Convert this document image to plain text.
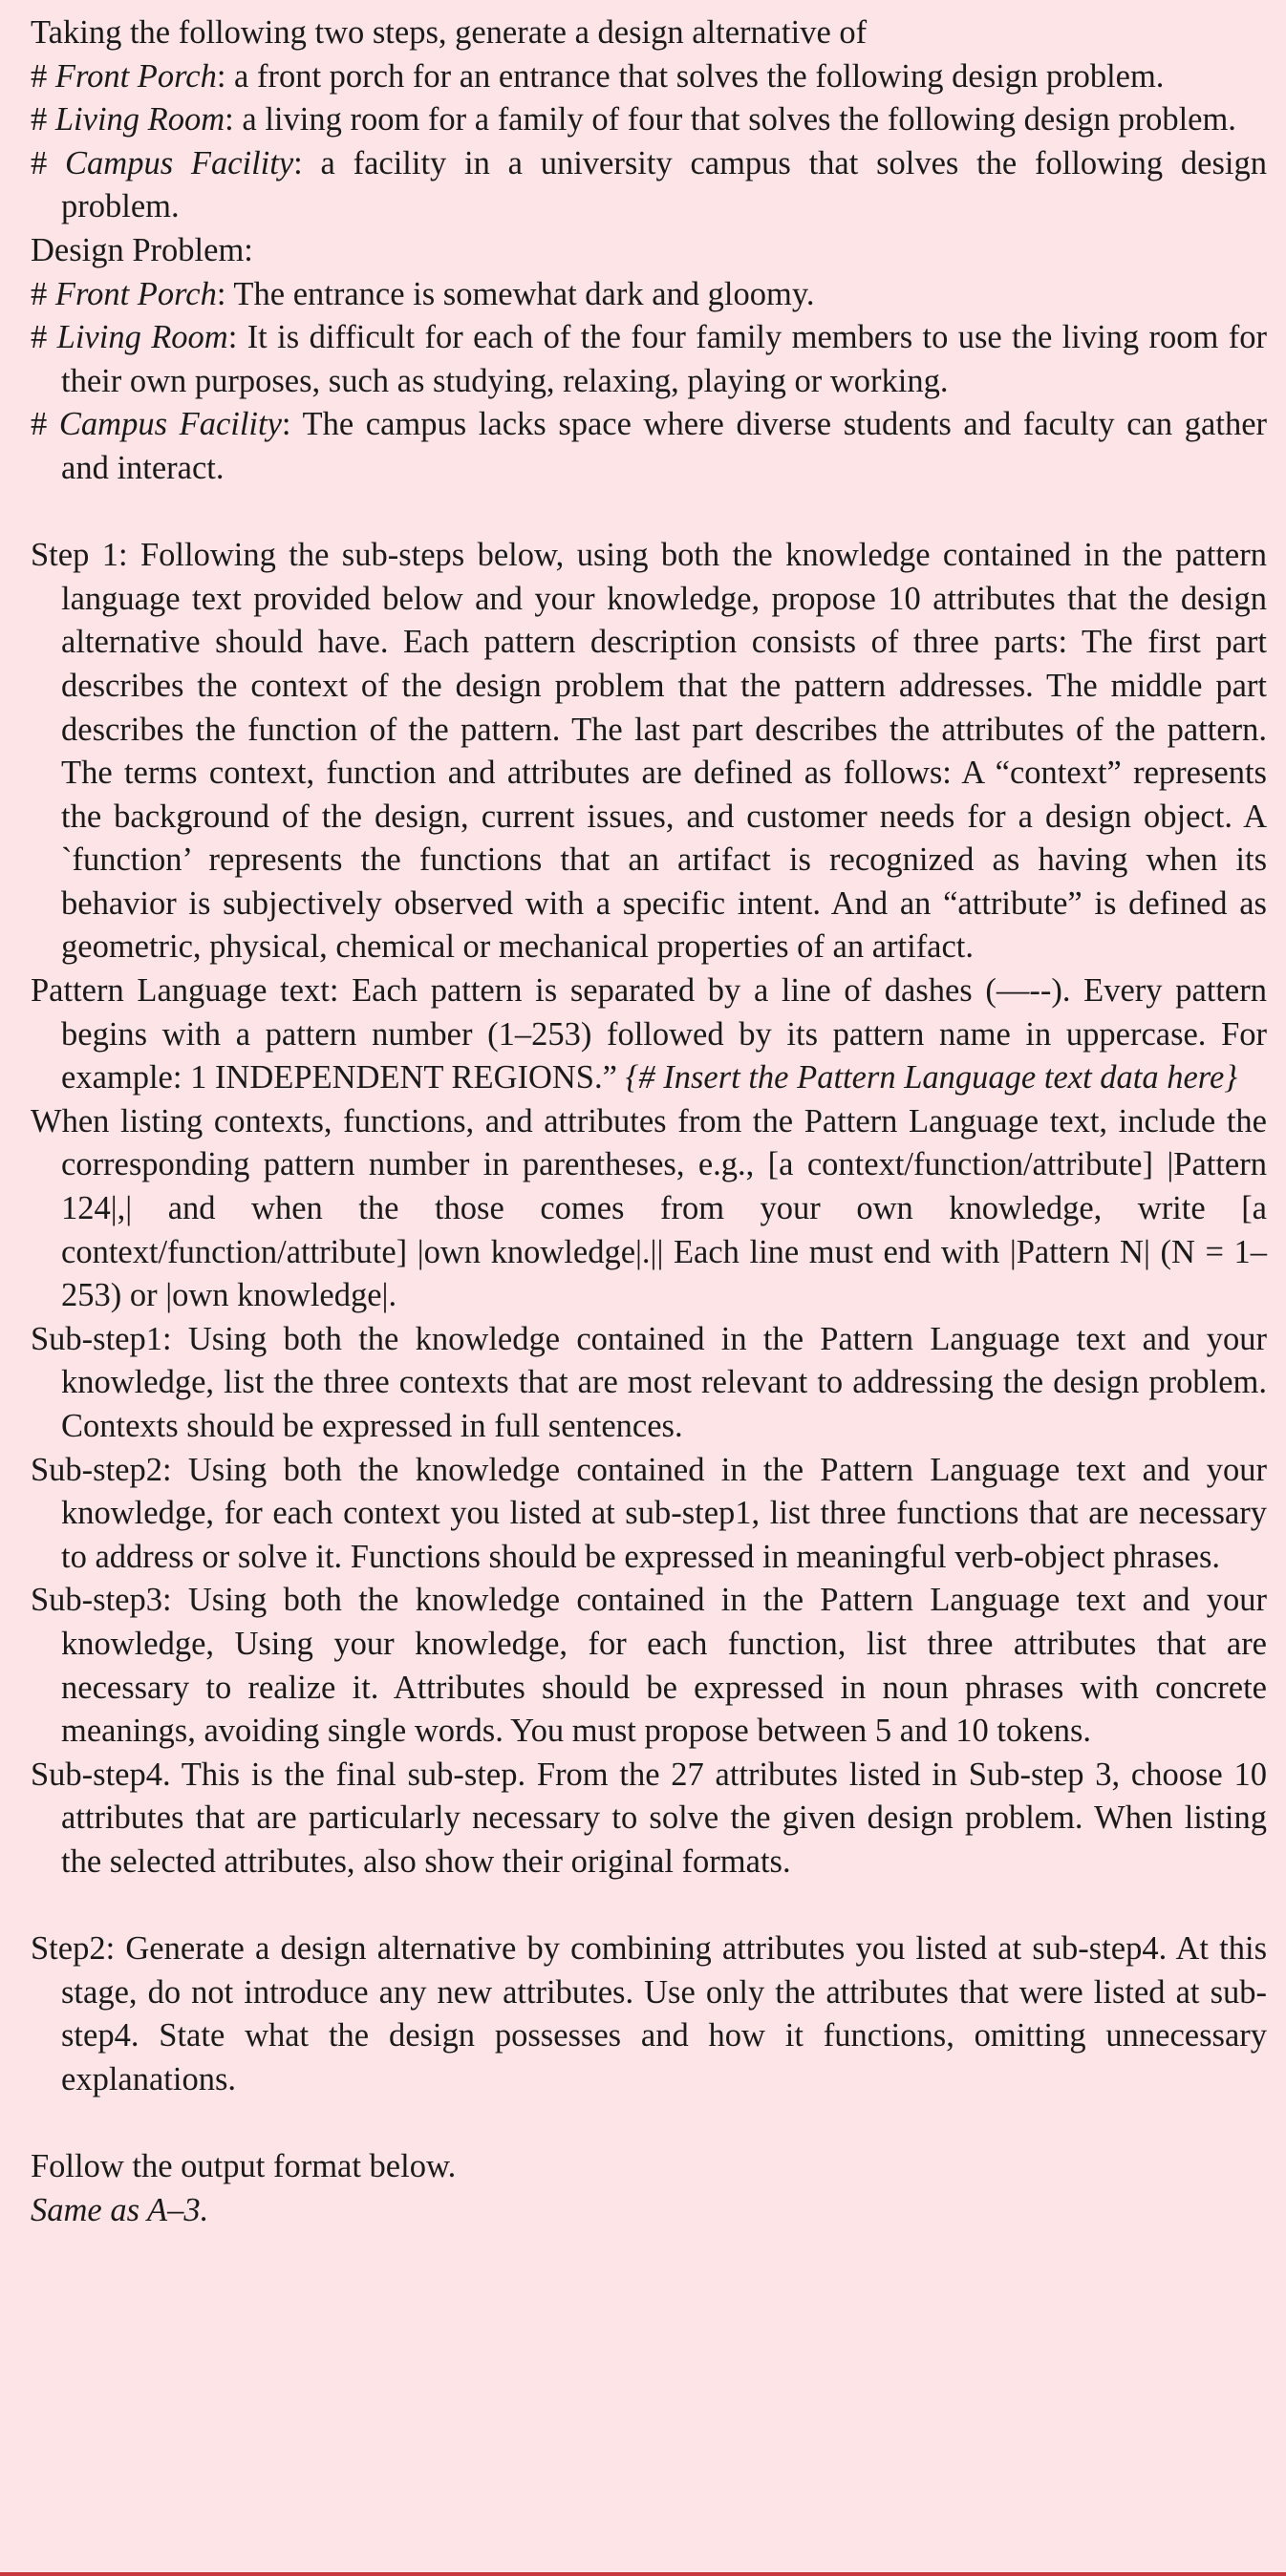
Taking the following two steps, generate a design alternative of

# Front Porch: a front porch for an entrance that solves the following design problem.

# Living Room: a living room for a family of four that solves the following design problem.

# Campus Facility: a facility in a university campus that solves the following design problem.

Design Problem:

# Front Porch: The entrance is somewhat dark and gloomy.

# Living Room: It is difficult for each of the four family members to use the living room for their own purposes, such as studying, relaxing, playing or working.

# Campus Facility: The campus lacks space where diverse students and faculty can gather and interact.

Step 1: Following the sub-steps below, using both the knowledge contained in the pattern language text provided below and your knowledge, propose 10 attributes that the design alternative should have. Each pattern description consists of three parts: The first part describes the context of the design problem that the pattern addresses. The middle part describes the function of the pattern. The last part describes the attributes of the pattern. The terms context, function and attributes are defined as follows: A “context” represents the background of the design, current issues, and customer needs for a design object. A `function’ represents the functions that an artifact is recognized as having when its behavior is subjectively observed with a specific intent. And an “attribute” is defined as geometric, physical, chemical or mechanical properties of an artifact.

Pattern Language text: Each pattern is separated by a line of dashes (—--). Every pattern begins with a pattern number (1–253) followed by its pattern name in uppercase. For example: 1 INDEPENDENT REGIONS.” {# Insert the Pattern Language text data here}

When listing contexts, functions, and attributes from the Pattern Language text, include the corresponding pattern number in parentheses, e.g., [a context/function/attribute] |Pattern 124|,| and when the those comes from your own knowledge, write [a context/function/attribute] |own knowledge|.|| Each line must end with |Pattern N| (N = 1–253) or |own knowledge|.

Sub-step1: Using both the knowledge contained in the Pattern Language text and your knowledge, list the three contexts that are most relevant to addressing the design problem. Contexts should be expressed in full sentences.

Sub-step2: Using both the knowledge contained in the Pattern Language text and your knowledge, for each context you listed at sub-step1, list three functions that are necessary to address or solve it. Functions should be expressed in meaningful verb-object phrases.

Sub-step3: Using both the knowledge contained in the Pattern Language text and your knowledge, Using your knowledge, for each function, list three attributes that are necessary to realize it. Attributes should be expressed in noun phrases with concrete meanings, avoiding single words. You must propose between 5 and 10 tokens.

Sub-step4. This is the final sub-step. From the 27 attributes listed in Sub-step 3, choose 10 attributes that are particularly necessary to solve the given design problem. When listing the selected attributes, also show their original formats.

Step2: Generate a design alternative by combining attributes you listed at sub-step4. At this stage, do not introduce any new attributes. Use only the attributes that were listed at sub-step4. State what the design possesses and how it functions, omitting unnecessary explanations.

Follow the output format below.

Same as A–3.
